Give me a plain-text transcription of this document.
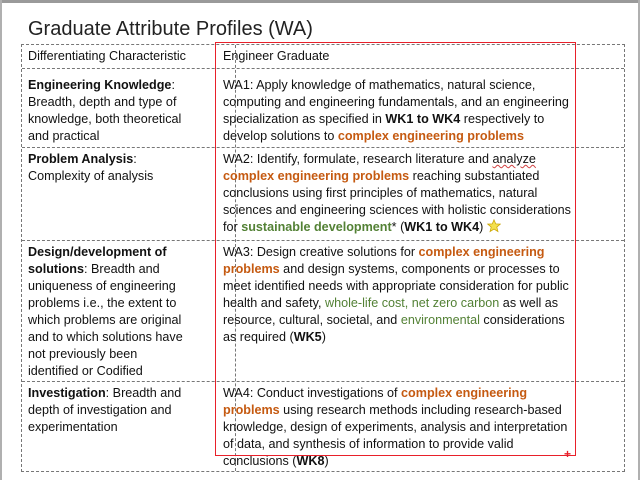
Graduate Attribute Profiles (WA)
Differentiating Characteristic	Engineer Graduate
Engineering Knowledge:
Breadth, depth and type of
knowledge, both theoretical
and practical
WA1: Apply knowledge of mathematics, natural science,
computing and engineering fundamentals, and an engineering
specialization as specified in WK1 to WK4 respectively to
develop solutions to complex engineering problems
Problem Analysis:
Complexity of analysis
WA2: Identify, formulate, research literature and analyze
complex engineering problems reaching substantiated
conclusions using first principles of mathematics, natural
sciences and engineering sciences with holistic considerations
for sustainable development* (WK1 to WK4)
Design/development of
solutions: Breadth and
uniqueness of engineering
problems i.e., the extent to
which problems are original
and to which solutions have
not previously been
identified or Codified
WA3: Design creative solutions for complex engineering
problems and design systems, components or processes to
meet identified needs with appropriate consideration for public
health and safety, whole-life cost, net zero carbon as well as
resource, cultural, societal, and environmental considerations
as required (WK5)
Investigation: Breadth and
depth of investigation and
experimentation
WA4: Conduct investigations of complex engineering
problems using research methods including research-based
knowledge, design of experiments, analysis and interpretation
of data, and synthesis of information to provide valid
conclusions (WK8)	+
